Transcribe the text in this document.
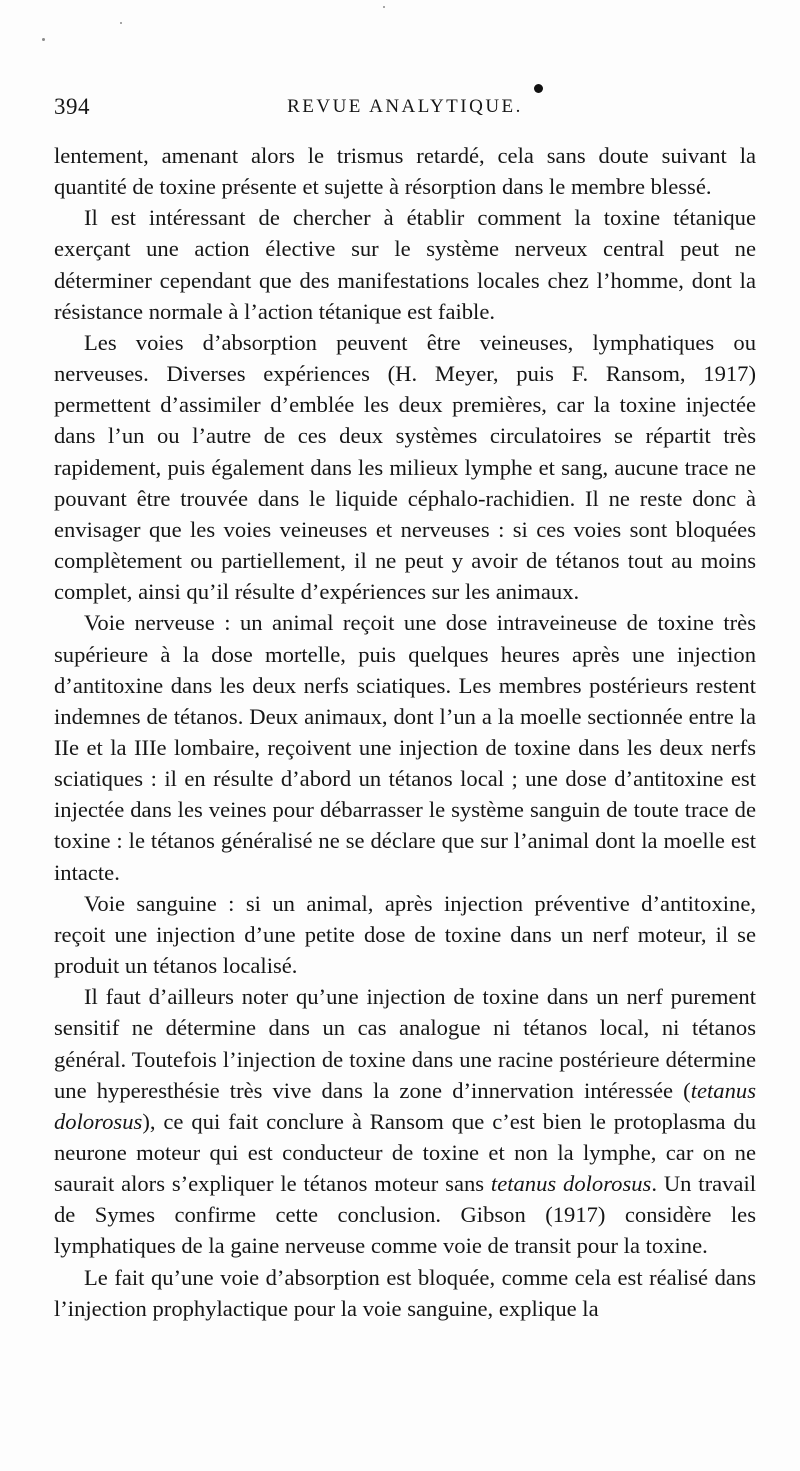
394	REVUE ANALYTIQUE.

lentement, amenant alors le trismus retardé, cela sans doute suivant la quantité de toxine présente et sujette à résorption dans le membre blessé.

Il est intéressant de chercher à établir comment la toxine tétanique exerçant une action élective sur le système nerveux central peut ne déterminer cependant que des manifestations locales chez l’homme, dont la résistance normale à l’action tétanique est faible.

Les voies d’absorption peuvent être veineuses, lymphatiques ou nerveuses. Diverses expériences (H. Meyer, puis F. Ransom, 1917) permettent d’assimiler d’emblée les deux premières, car la toxine injectée dans l’un ou l’autre de ces deux systèmes circulatoires se répartit très rapidement, puis également dans les milieux lymphe et sang, aucune trace ne pouvant être trouvée dans le liquide céphalo-rachidien. Il ne reste donc à envisager que les voies veineuses et nerveuses : si ces voies sont bloquées complètement ou partiellement, il ne peut y avoir de tétanos tout au moins complet, ainsi qu’il résulte d’expériences sur les animaux.

Voie nerveuse : un animal reçoit une dose intraveineuse de toxine très supérieure à la dose mortelle, puis quelques heures après une injection d’antitoxine dans les deux nerfs sciatiques. Les membres postérieurs restent indemnes de tétanos. Deux animaux, dont l’un a la moelle sectionnée entre la IIe et la IIIe lombaire, reçoivent une injection de toxine dans les deux nerfs sciatiques : il en résulte d’abord un tétanos local ; une dose d’antitoxine est injectée dans les veines pour débarrasser le système sanguin de toute trace de toxine : le tétanos généralisé ne se déclare que sur l’animal dont la moelle est intacte.

Voie sanguine : si un animal, après injection préventive d’antitoxine, reçoit une injection d’une petite dose de toxine dans un nerf moteur, il se produit un tétanos localisé.

Il faut d’ailleurs noter qu’une injection de toxine dans un nerf purement sensitif ne détermine dans un cas analogue ni tétanos local, ni tétanos général. Toutefois l’injection de toxine dans une racine postérieure détermine une hyperesthésie très vive dans la zone d’innervation intéressée (tetanus dolorosus), ce qui fait conclure à Ransom que c’est bien le protoplasma du neurone moteur qui est conducteur de toxine et non la lymphe, car on ne saurait alors s’expliquer le tétanos moteur sans tetanus dolorosus. Un travail de Symes confirme cette conclusion. Gibson (1917) considère les lymphatiques de la gaine nerveuse comme voie de transit pour la toxine.

Le fait qu’une voie d’absorption est bloquée, comme cela est réalisé dans l’injection prophylactique pour la voie sanguine, explique la
